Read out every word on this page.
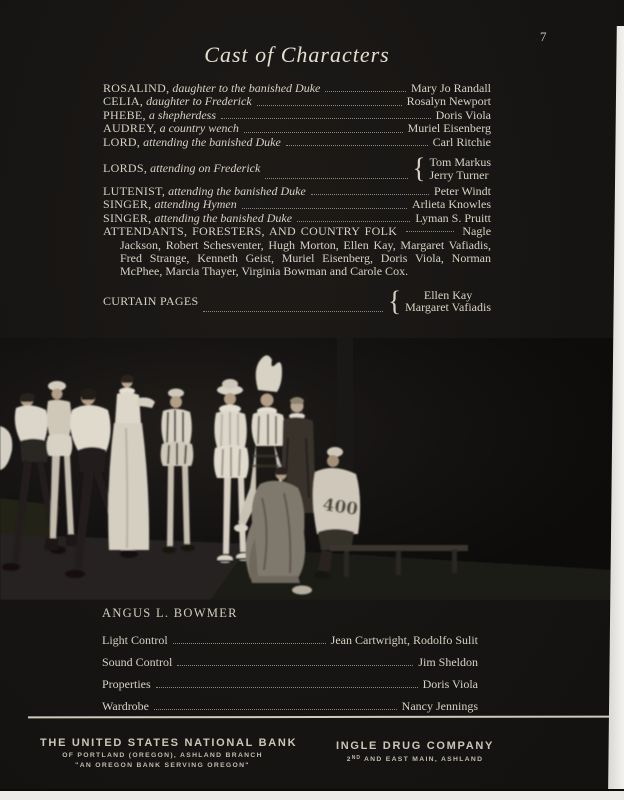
7
Cast of Characters
ROSALIND, daughter to the banished Duke	Mary Jo Randall
CELIA, daughter to Frederick	Rosalyn Newport
PHEBE, a shepherdess	Doris Viola
AUDREY, a country wench	Muriel Eisenberg
LORD, attending the banished Duke	Carl Ritchie
LORDS, attending on Frederick	{ Tom Markus
Jerry Turner
LUTENIST, attending the banished Duke	Peter Windt
SINGER, attending Hymen	Arlieta Knowles
SINGER, attending the banished Duke	Lyman S. Pruitt

ATTENDANTS, FORESTERS, AND COUNTRY FOLK	Nagle Jackson, Robert Schesventer, Hugh Morton, Ellen Kay, Margaret Vafiadis, Fred Strange, Kenneth Geist, Muriel Eisenberg, Doris Viola, Norman McPhee, Marcia Thayer, Virginia Bowman and Carole Cox.

CURTAIN PAGES	{	Ellen Kay
Margaret Vafiadis
400
ANGUS L. BOWMER
Light Control	Jean Cartwright, Rodolfo Sulit
Sound Control	Jim Sheldon
Properties	Doris Viola
Wardrobe	Nancy Jennings
THE UNITED STATES NATIONAL BANK
OF PORTLAND (OREGON), ASHLAND BRANCH
"AN OREGON BANK SERVING OREGON"
INGLE DRUG COMPANY
2ND AND EAST MAIN, ASHLAND
